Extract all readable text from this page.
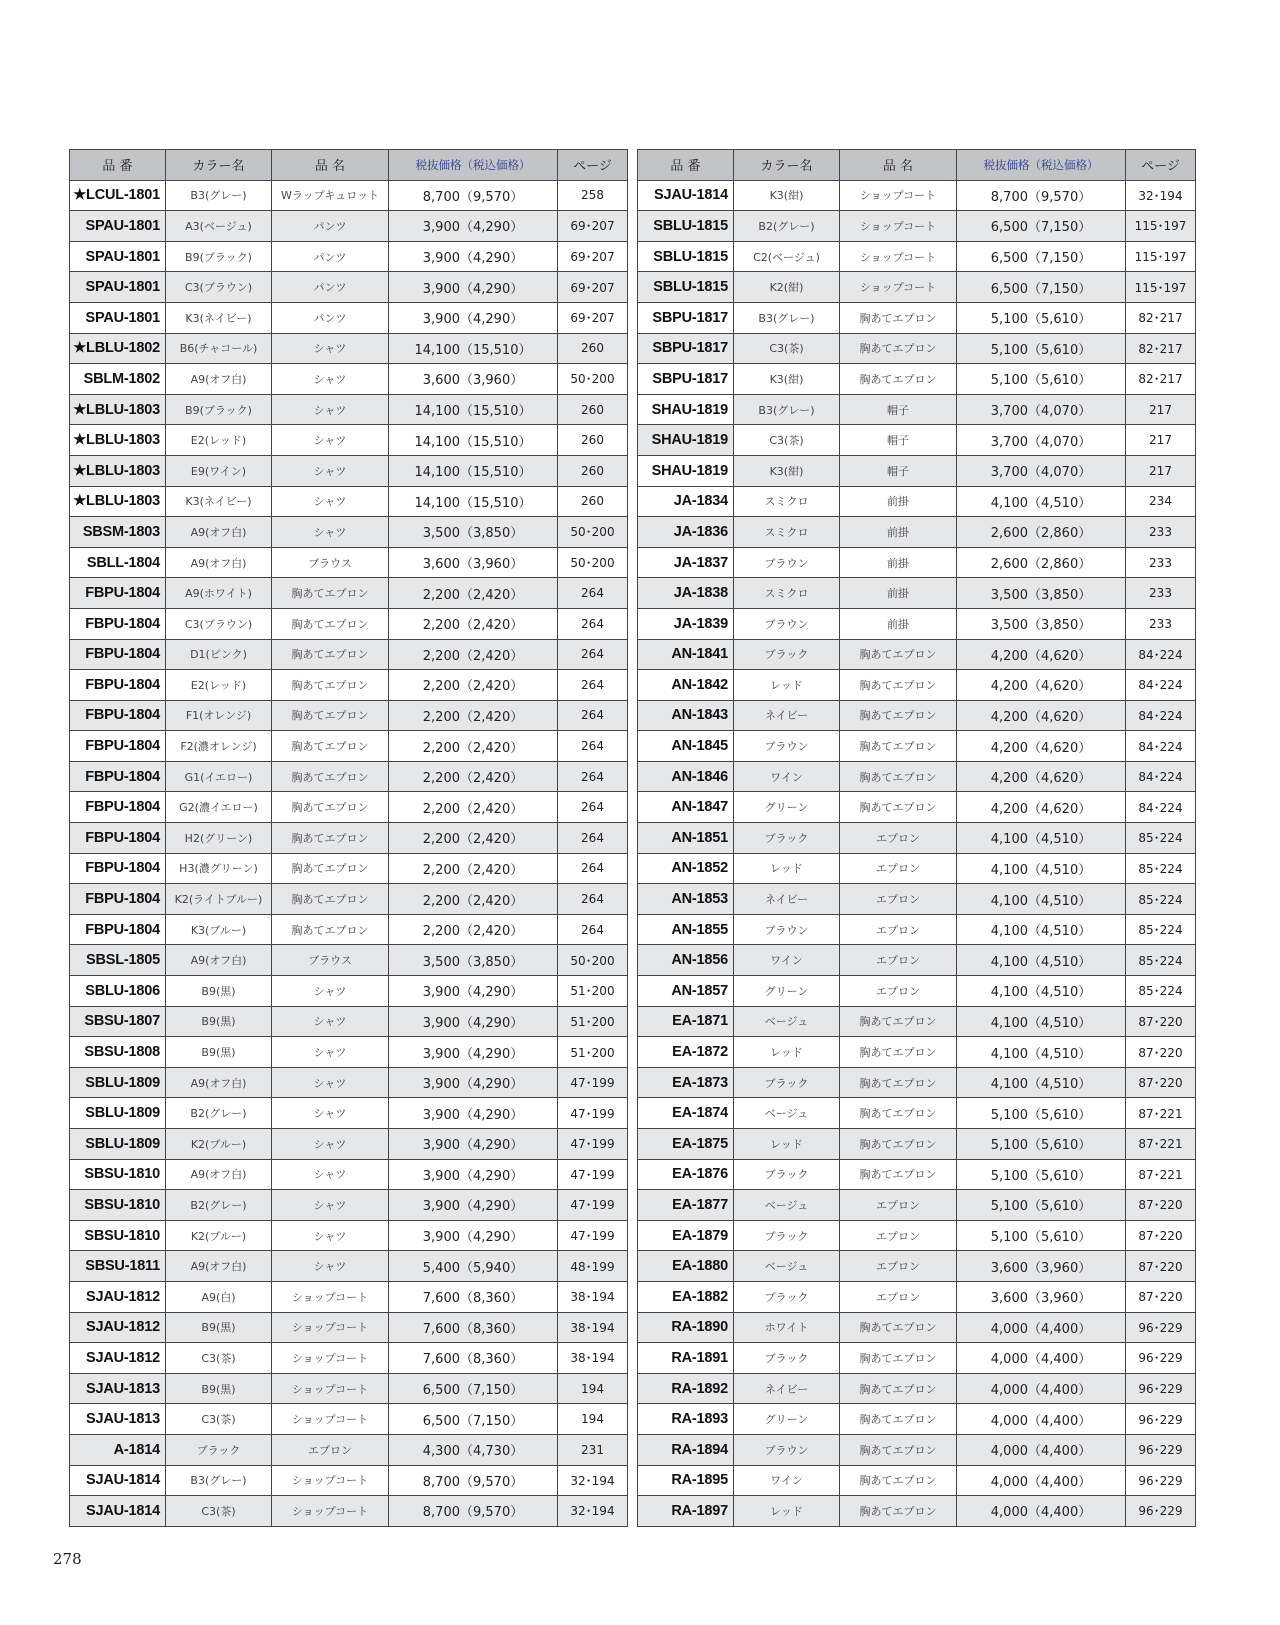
品 番	カラー名	品 名	税抜価格（税込価格）	ページ
★LCUL-1801	B3(グレー)	Wラップキュロット	8,700（9,570）	258
SPAU-1801	A3(ベージュ)	パンツ	3,900（4,290）	69･207
SPAU-1801	B9(ブラック)	パンツ	3,900（4,290）	69･207
SPAU-1801	C3(ブラウン)	パンツ	3,900（4,290）	69･207
SPAU-1801	K3(ネイビー)	パンツ	3,900（4,290）	69･207
★LBLU-1802	B6(チャコール)	シャツ	14,100（15,510）	260
SBLM-1802	A9(オフ白)	シャツ	3,600（3,960）	50･200
★LBLU-1803	B9(ブラック)	シャツ	14,100（15,510）	260
★LBLU-1803	E2(レッド)	シャツ	14,100（15,510）	260
★LBLU-1803	E9(ワイン)	シャツ	14,100（15,510）	260
★LBLU-1803	K3(ネイビー)	シャツ	14,100（15,510）	260
SBSM-1803	A9(オフ白)	シャツ	3,500（3,850）	50･200
SBLL-1804	A9(オフ白)	ブラウス	3,600（3,960）	50･200
FBPU-1804	A9(ホワイト)	胸あてエプロン	2,200（2,420）	264
FBPU-1804	C3(ブラウン)	胸あてエプロン	2,200（2,420）	264
FBPU-1804	D1(ピンク)	胸あてエプロン	2,200（2,420）	264
FBPU-1804	E2(レッド)	胸あてエプロン	2,200（2,420）	264
FBPU-1804	F1(オレンジ)	胸あてエプロン	2,200（2,420）	264
FBPU-1804	F2(濃オレンジ)	胸あてエプロン	2,200（2,420）	264
FBPU-1804	G1(イエロー)	胸あてエプロン	2,200（2,420）	264
FBPU-1804	G2(濃イエロー)	胸あてエプロン	2,200（2,420）	264
FBPU-1804	H2(グリーン)	胸あてエプロン	2,200（2,420）	264
FBPU-1804	H3(濃グリーン)	胸あてエプロン	2,200（2,420）	264
FBPU-1804	K2(ライトブルー)	胸あてエプロン	2,200（2,420）	264
FBPU-1804	K3(ブルー)	胸あてエプロン	2,200（2,420）	264
SBSL-1805	A9(オフ白)	ブラウス	3,500（3,850）	50･200
SBLU-1806	B9(黒)	シャツ	3,900（4,290）	51･200
SBSU-1807	B9(黒)	シャツ	3,900（4,290）	51･200
SBSU-1808	B9(黒)	シャツ	3,900（4,290）	51･200
SBLU-1809	A9(オフ白)	シャツ	3,900（4,290）	47･199
SBLU-1809	B2(グレー)	シャツ	3,900（4,290）	47･199
SBLU-1809	K2(ブルー)	シャツ	3,900（4,290）	47･199
SBSU-1810	A9(オフ白)	シャツ	3,900（4,290）	47･199
SBSU-1810	B2(グレー)	シャツ	3,900（4,290）	47･199
SBSU-1810	K2(ブルー)	シャツ	3,900（4,290）	47･199
SBSU-1811	A9(オフ白)	シャツ	5,400（5,940）	48･199
SJAU-1812	A9(白)	ショップコート	7,600（8,360）	38･194
SJAU-1812	B9(黒)	ショップコート	7,600（8,360）	38･194
SJAU-1812	C3(茶)	ショップコート	7,600（8,360）	38･194
SJAU-1813	B9(黒)	ショップコート	6,500（7,150）	194
SJAU-1813	C3(茶)	ショップコート	6,500（7,150）	194
A-1814	ブラック	エプロン	4,300（4,730）	231
SJAU-1814	B3(グレー)	ショップコート	8,700（9,570）	32･194
SJAU-1814	C3(茶)	ショップコート	8,700（9,570）	32･194
品 番	カラー名	品 名	税抜価格（税込価格）	ページ
SJAU-1814	K3(紺)	ショップコート	8,700（9,570）	32･194
SBLU-1815	B2(グレー)	ショップコート	6,500（7,150）	115･197
SBLU-1815	C2(ベージュ)	ショップコート	6,500（7,150）	115･197
SBLU-1815	K2(紺)	ショップコート	6,500（7,150）	115･197
SBPU-1817	B3(グレー)	胸あてエプロン	5,100（5,610）	82･217
SBPU-1817	C3(茶)	胸あてエプロン	5,100（5,610）	82･217
SBPU-1817	K3(紺)	胸あてエプロン	5,100（5,610）	82･217
SHAU-1819	B3(グレー)	帽子	3,700（4,070）	217
SHAU-1819	C3(茶)	帽子	3,700（4,070）	217
SHAU-1819	K3(紺)	帽子	3,700（4,070）	217
JA-1834	スミクロ	前掛	4,100（4,510）	234
JA-1836	スミクロ	前掛	2,600（2,860）	233
JA-1837	ブラウン	前掛	2,600（2,860）	233
JA-1838	スミクロ	前掛	3,500（3,850）	233
JA-1839	ブラウン	前掛	3,500（3,850）	233
AN-1841	ブラック	胸あてエプロン	4,200（4,620）	84･224
AN-1842	レッド	胸あてエプロン	4,200（4,620）	84･224
AN-1843	ネイビー	胸あてエプロン	4,200（4,620）	84･224
AN-1845	ブラウン	胸あてエプロン	4,200（4,620）	84･224
AN-1846	ワイン	胸あてエプロン	4,200（4,620）	84･224
AN-1847	グリーン	胸あてエプロン	4,200（4,620）	84･224
AN-1851	ブラック	エプロン	4,100（4,510）	85･224
AN-1852	レッド	エプロン	4,100（4,510）	85･224
AN-1853	ネイビー	エプロン	4,100（4,510）	85･224
AN-1855	ブラウン	エプロン	4,100（4,510）	85･224
AN-1856	ワイン	エプロン	4,100（4,510）	85･224
AN-1857	グリーン	エプロン	4,100（4,510）	85･224
EA-1871	ベージュ	胸あてエプロン	4,100（4,510）	87･220
EA-1872	レッド	胸あてエプロン	4,100（4,510）	87･220
EA-1873	ブラック	胸あてエプロン	4,100（4,510）	87･220
EA-1874	ベージュ	胸あてエプロン	5,100（5,610）	87･221
EA-1875	レッド	胸あてエプロン	5,100（5,610）	87･221
EA-1876	ブラック	胸あてエプロン	5,100（5,610）	87･221
EA-1877	ベージュ	エプロン	5,100（5,610）	87･220
EA-1879	ブラック	エプロン	5,100（5,610）	87･220
EA-1880	ベージュ	エプロン	3,600（3,960）	87･220
EA-1882	ブラック	エプロン	3,600（3,960）	87･220
RA-1890	ホワイト	胸あてエプロン	4,000（4,400）	96･229
RA-1891	ブラック	胸あてエプロン	4,000（4,400）	96･229
RA-1892	ネイビー	胸あてエプロン	4,000（4,400）	96･229
RA-1893	グリーン	胸あてエプロン	4,000（4,400）	96･229
RA-1894	ブラウン	胸あてエプロン	4,000（4,400）	96･229
RA-1895	ワイン	胸あてエプロン	4,000（4,400）	96･229
RA-1897	レッド	胸あてエプロン	4,000（4,400）	96･229
278
